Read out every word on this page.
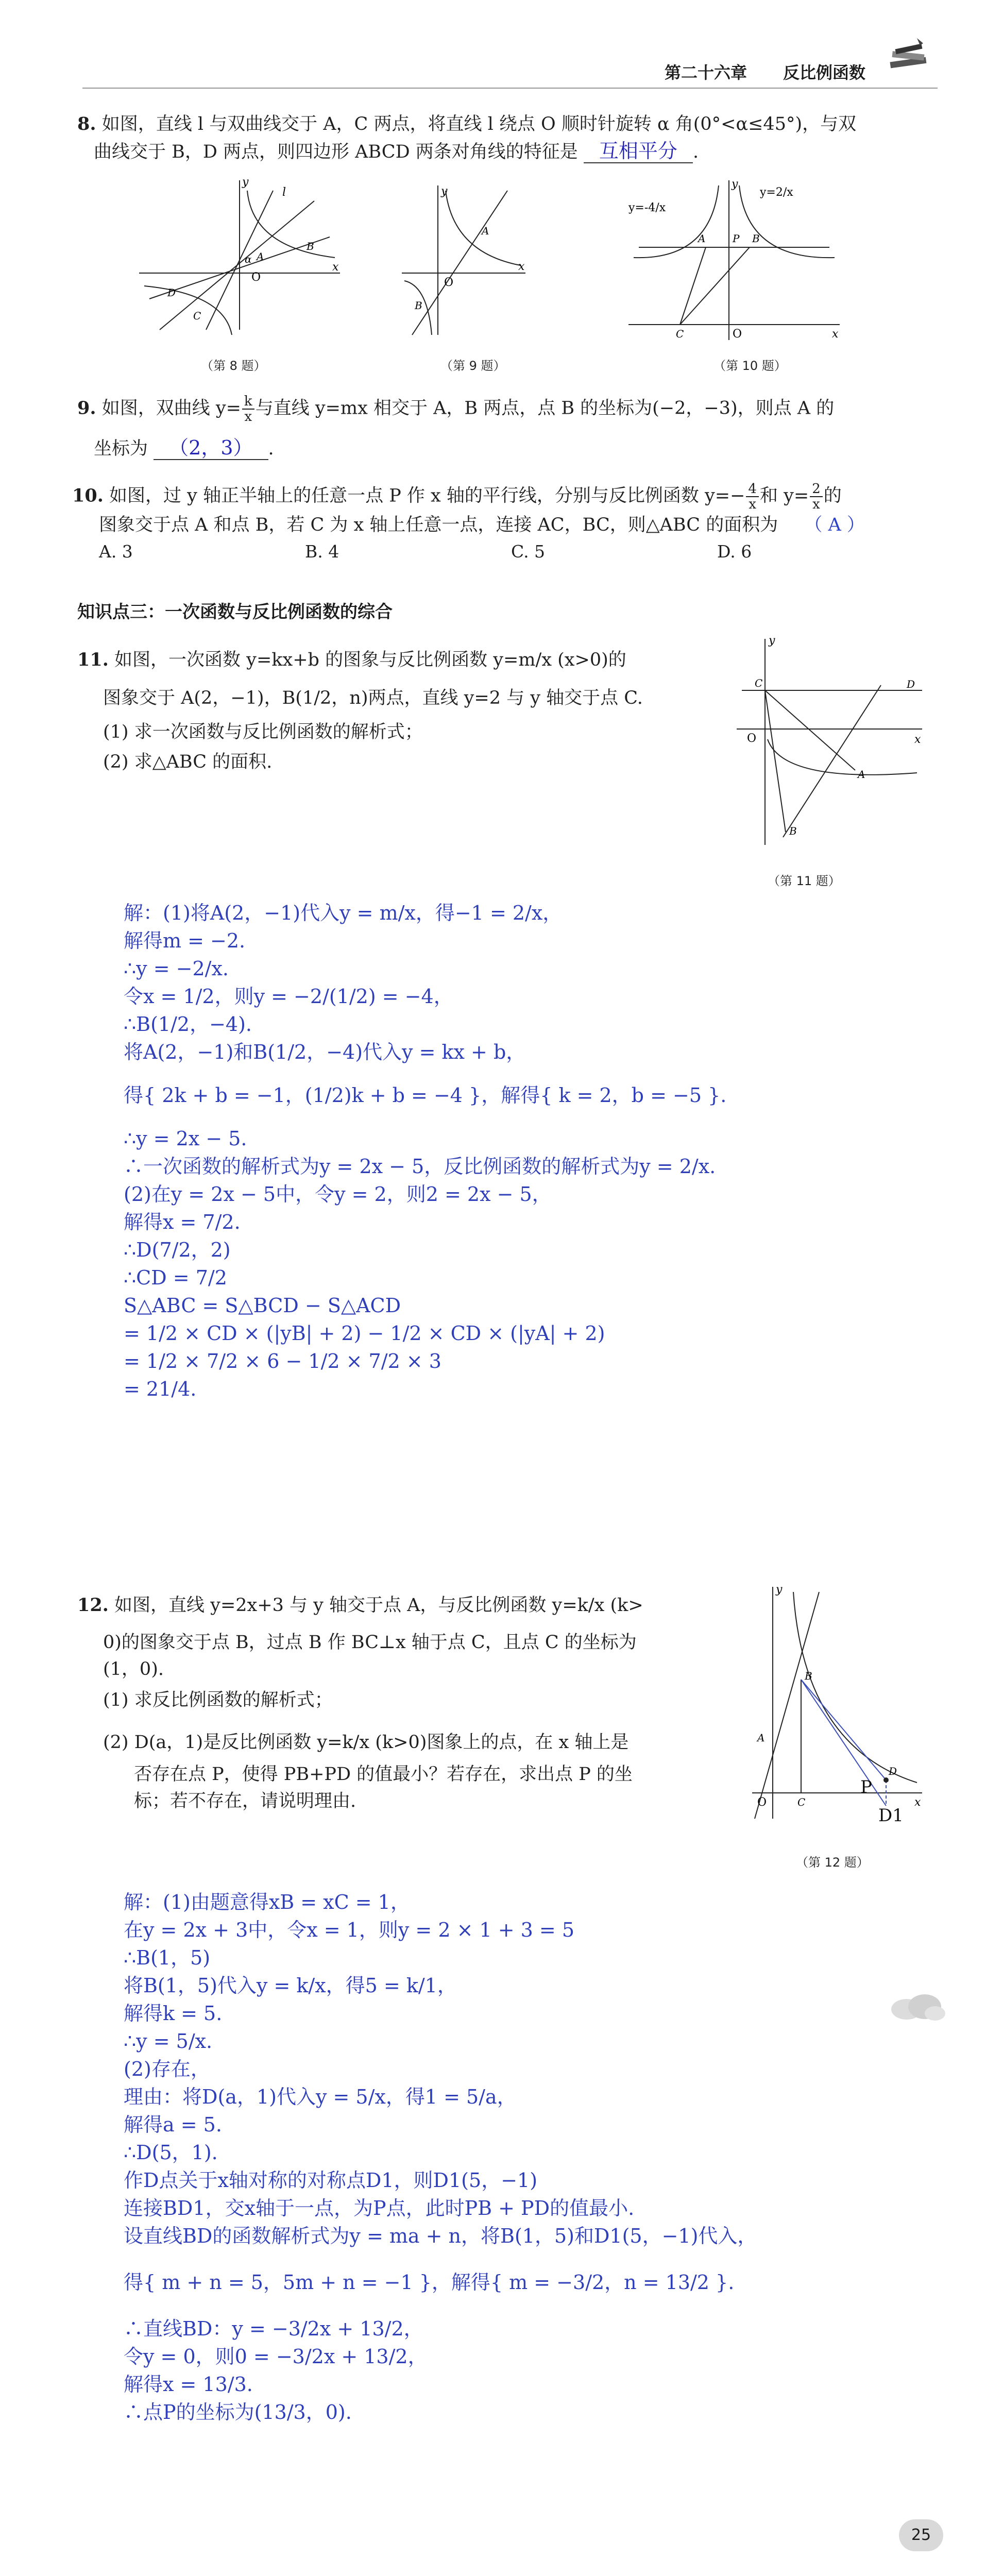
第二十六章 反比例函数
8. 如图，直线 l 与双曲线交于 A，C 两点，将直线 l 绕点 O 顺时针旋转 α 角(0°<α≤45°)，与双
曲线交于 B，D 两点，则四边形 ABCD 两条对角线的特征是 互相平分 .
y
x
l
O
A
B
D
C
α
（第 8 题）
y
x
O
A
B
（第 9 题）
y
x
O
A	P B
C
y=-4/x
y=2/x
（第 10 题）
9. 如图，双曲线 $y= \frac{k}{x}$ 与直线 y=mx 相交于 A，B 两点，点 B 的坐标为(−2，−3)，则点 A 的
坐标为 （2，3） .
10. 如图，过 y 轴正半轴上的任意一点 P 作 x 轴的平行线，分别与反比例函数 $y=- \frac{4}{x}$ 和 $y= \frac{2}{x}$ 的
图象交于点 A 和点 B，若 C 为 x 轴上任意一点，连接 AC，BC，则△ABC 的面积为 （ A ）
A. 3	B. 4	C. 5	D. 6
知识点三：一次函数与反比例函数的综合
11. 如图，一次函数 y=kx+b 的图象与反比例函数 y=m/x (x>0)的
图象交于 A(2，−1)，B(1/2，n)两点，直线 y=2 与 y 轴交于点 C.
(1) 求一次函数与反比例函数的解析式；
(2) 求△ABC 的面积.
y
x
O
C	D
A
B
（第 11 题）
解：(1)将A(2，−1)代入y = m/x，得−1 = 2/x，
解得m = −2.
∴y = −2/x.
令x = 1/2，则y = −2/(1/2) = −4，
∴B(1/2，−4).
将A(2，−1)和B(1/2，−4)代入y = kx + b，
得{ 2k + b = −1，(1/2)k + b = −4 }，解得{ k = 2，b = −5 }.
∴y = 2x − 5.
∴一次函数的解析式为y = 2x − 5，反比例函数的解析式为y = 2/x.
(2)在y = 2x − 5中，令y = 2，则2 = 2x − 5，
解得x = 7/2.
∴D(7/2，2)
∴CD = 7/2
S△ABC = S△BCD − S△ACD
= 1/2 × CD × (|yB| + 2) − 1/2 × CD × (|yA| + 2)
= 1/2 × 7/2 × 6 − 1/2 × 7/2 × 3
= 21/4.
12. 如图，直线 y=2x+3 与 y 轴交于点 A，与反比例函数 y=k/x (k>
0)的图象交于点 B，过点 B 作 BC⊥x 轴于点 C，且点 C 的坐标为
(1，0).
(1) 求反比例函数的解析式；
(2) D(a，1)是反比例函数 y=k/x (k>0)图象上的点，在 x 轴上是
否存在点 P，使得 PB+PD 的值最小？若存在，求出点 P 的坐
标；若不存在，请说明理由.
y
x
O	C
B
A
D
P
D1
（第 12 题）
解：(1)由题意得xB = xC = 1，
在y = 2x + 3中，令x = 1，则y = 2 × 1 + 3 = 5
∴B(1，5)
将B(1，5)代入y = k/x，得5 = k/1，
解得k = 5.
∴y = 5/x.
(2)存在，
理由：将D(a，1)代入y = 5/x，得1 = 5/a，
解得a = 5.
∴D(5，1).
作D点关于x轴对称的对称点D1，则D1(5，−1)
连接BD1，交x轴于一点，为P点，此时PB + PD的值最小.
设直线BD的函数解析式为y = ma + n，将B(1，5)和D1(5，−1)代入，
得{ m + n = 5，5m + n = −1 }，解得{ m = −3/2，n = 13/2 }.
∴直线BD：y = −3/2x + 13/2，
令y = 0，则0 = −3/2x + 13/2，
解得x = 13/3.
∴点P的坐标为(13/3，0).
25
